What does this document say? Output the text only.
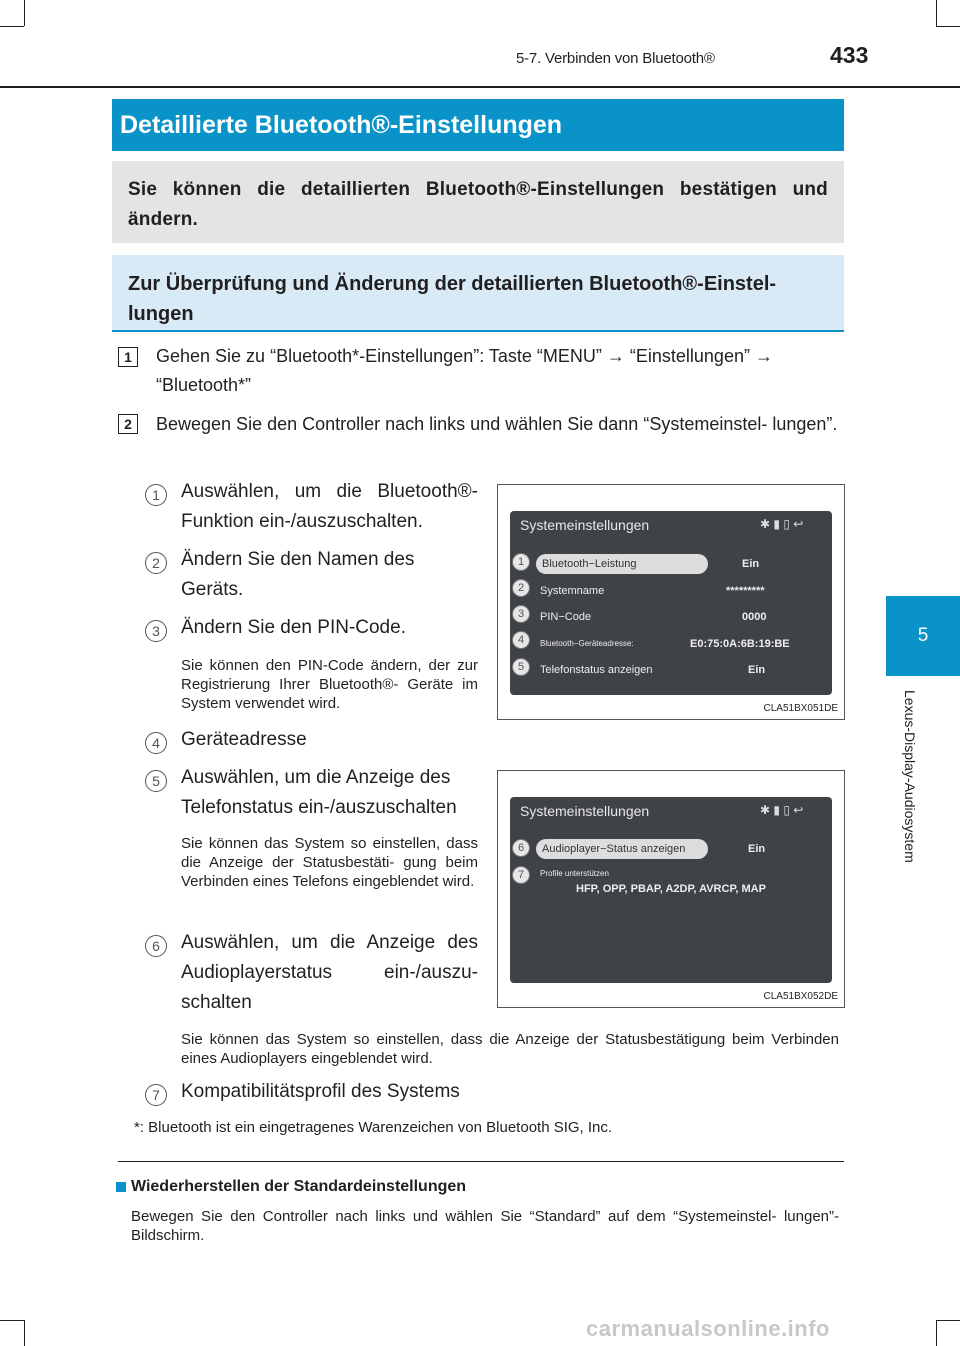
5-7. Verbinden von Bluetooth®	433
5
Lexus-Display-Audiosystem
Detaillierte Bluetooth®-Einstellungen
Sie können die detaillierten Bluetooth®-Einstellungen bestätigen und ändern.
Zur Überprüfung und Änderung der detaillierten Bluetooth®-Einstel- lungen
1	Gehen Sie zu “Bluetooth*-Einstellungen”: Taste “MENU” → “Einstellungen” → “Bluetooth*”
2	Bewegen Sie den Controller nach links und wählen Sie dann “Systemeinstel- lungen”.
1	Auswählen, um die Bluetooth®- Funktion ein-/auszuschalten.
2	Ändern Sie den Namen des Geräts.
3	Ändern Sie den PIN-Code.
Sie können den PIN-Code ändern, der zur Registrierung Ihrer Bluetooth®- Geräte im System verwendet wird.
4	Geräteadresse
5	Auswählen, um die Anzeige des Telefonstatus ein-/auszuschalten
Sie können das System so einstellen, dass die Anzeige der Statusbestäti- gung beim Verbinden eines Telefons eingeblendet wird.
6	Auswählen, um die Anzeige des Audioplayerstatus ein-/auszu- schalten
Sie können das System so einstellen, dass die Anzeige der Statusbestätigung beim Verbinden eines Audioplayers eingeblendet wird.
7	Kompatibilitätsprofil des Systems
*: Bluetooth ist ein eingetragenes Warenzeichen von Bluetooth SIG, Inc.
Systemeinstellungen	✱ ▮ ▯ ↩
Bluetooth−Leistung	Ein
Systemname	*********
PIN−Code	0000
Bluetooth−Geräteadresse:	E0:75:0A:6B:19:BE
Telefonstatus anzeigen	Ein
1
2
3
4
5
CLA51BX051DE
Systemeinstellungen	✱ ▮ ▯ ↩
Audioplayer−Status anzeigen	Ein
Profile unterstützen
HFP, OPP, PBAP, A2DP, AVRCP, MAP
6
7
CLA51BX052DE
Wiederherstellen der Standardeinstellungen
Bewegen Sie den Controller nach links und wählen Sie “Standard” auf dem “Systemeinstel- lungen”-Bildschirm.
carmanualsonline.info
